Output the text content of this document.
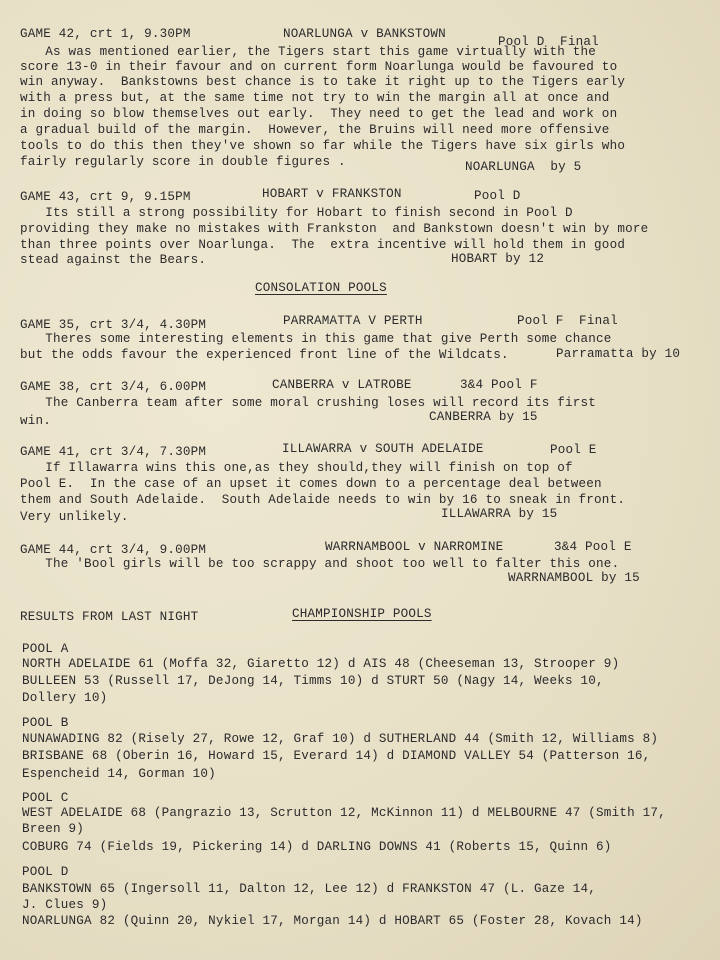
GAME 42, crt 1, 9.30PM	NOARLUNGA v BANKSTOWN
Pool D  Final
As was mentioned earlier, the Tigers start this game virtually with the
score 13-0 in their favour and on current form Noarlunga would be favoured to
win anyway.  Bankstowns best chance is to take it right up to the Tigers early
with a press but, at the same time not try to win the margin all at once and
in doing so blow themselves out early.  They need to get the lead and work on
a gradual build of the margin.  However, the Bruins will need more offensive
tools to do this then they've shown so far while the Tigers have six girls who
fairly regularly score in double figures .	NOARLUNGA  by 5
GAME 43, crt 9, 9.15PM	HOBART v FRANKSTON	Pool D
Its still a strong possibility for Hobart to finish second in Pool D
providing they make no mistakes with Frankston  and Bankstown doesn't win by more
than three points over Noarlunga.  The  extra incentive will hold them in good
stead against the Bears.	HOBART by 12
CONSOLATION POOLS
GAME 35, crt 3/4, 4.30PM	PARRAMATTA V PERTH	Pool F  Final
Theres some interesting elements in this game that give Perth some chance
but the odds favour the experienced front line of the Wildcats.	Parramatta by 10
GAME 38, crt 3/4, 6.00PM	CANBERRA v LATROBE	3&4 Pool F
The Canberra team after some moral crushing loses will record its first
win.	CANBERRA by 15
GAME 41, crt 3/4, 7.30PM	ILLAWARRA v SOUTH ADELAIDE	Pool E
If Illawarra wins this one,as they should,they will finish on top of
Pool E.  In the case of an upset it comes down to a percentage deal between
them and South Adelaide.  South Adelaide needs to win by 16 to sneak in front.
Very unlikely.	ILLAWARRA by 15
GAME 44, crt 3/4, 9.00PM	WARRNAMBOOL v NARROMINE	3&4 Pool E
The 'Bool girls will be too scrappy and shoot too well to falter this one.
WARRNAMBOOL by 15
RESULTS FROM LAST NIGHT	CHAMPIONSHIP POOLS
POOL A
NORTH ADELAIDE 61 (Moffa 32, Giaretto 12) d AIS 48 (Cheeseman 13, Strooper 9)
BULLEEN 53 (Russell 17, DeJong 14, Timms 10) d STURT 50 (Nagy 14, Weeks 10,
Dollery 10)
POOL B
NUNAWADING 82 (Risely 27, Rowe 12, Graf 10) d SUTHERLAND 44 (Smith 12, Williams 8)
BRISBANE 68 (Oberin 16, Howard 15, Everard 14) d DIAMOND VALLEY 54 (Patterson 16,
Espencheid 14, Gorman 10)
POOL C
WEST ADELAIDE 68 (Pangrazio 13, Scrutton 12, McKinnon 11) d MELBOURNE 47 (Smith 17,
Breen 9)
COBURG 74 (Fields 19, Pickering 14) d DARLING DOWNS 41 (Roberts 15, Quinn 6)
POOL D
BANKSTOWN 65 (Ingersoll 11, Dalton 12, Lee 12) d FRANKSTON 47 (L. Gaze 14,
J. Clues 9)
NOARLUNGA 82 (Quinn 20, Nykiel 17, Morgan 14) d HOBART 65 (Foster 28, Kovach 14)
